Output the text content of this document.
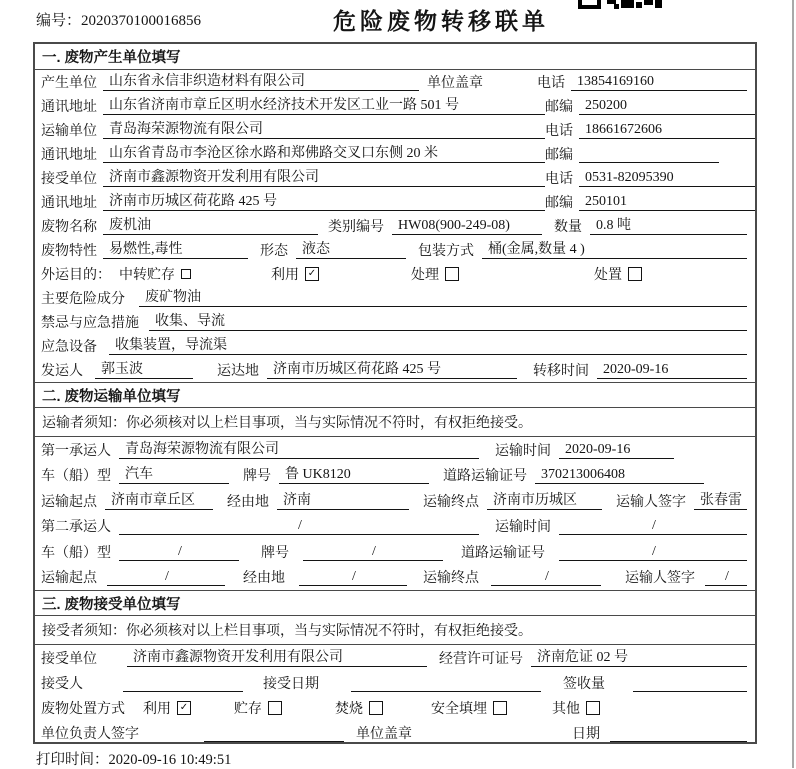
编号：2020370100016856	危险废物转移联单
一. 废物产生单位填写
产生单位 山东省永信非织造材料有限公司	单位盖章	电话 13854169160
通讯地址 山东省济南市章丘区明水经济技术开发区工业一路 501 号	邮编 250200
运输单位 青岛海荣源物流有限公司	电话 18661672606
通讯地址 山东省青岛市李沧区徐水路和郑佛路交叉口东侧 20 米	邮编
接受单位 济南市鑫源物资开发利用有限公司	电话 0531-82095390
通讯地址 济南市历城区荷花路 425 号	邮编 250101
废物名称 废机油	类别编号	HW08(900-249-08)	数量	0.8 吨
废物特性 易燃性,毒性	形态	液态	包装方式	桶(金属,数量 4 )
外运目的： 中转贮存	利用 ✓	处理	处置
主要危险成分	废矿物油
禁忌与应急措施	收集、导流
应急设备	收集装置，导流渠
发运人	郭玉波	运达地	济南市历城区荷花路 425 号	转移时间	2020-09-16
二. 废物运输单位填写
运输者须知：你必须核对以上栏目事项，当与实际情况不符时，有权拒绝接受。
第一承运人	青岛海荣源物流有限公司	运输时间	2020-09-16
车（船）型	汽车	牌号	鲁 UK8120	道路运输证号	370213006408
运输起点	济南市章丘区	经由地	济南	运输终点	济南市历城区	运输人签字	张春雷
第二承运人	/	运输时间	/
车（船）型	/	牌号	/	道路运输证号	/
运输起点	/	经由地	/	运输终点	/	运输人签字	/
三. 废物接受单位填写
接受者须知：你必须核对以上栏目事项，当与实际情况不符时，有权拒绝接受。
接受单位	济南市鑫源物资开发利用有限公司	经营许可证号	济南危证 02 号
接受人	接受日期	签收量
废物处置方式 利用 ✓	贮存	焚烧	安全填埋	其他
单位负责人签字	单位盖章	日期
打印时间：2020-09-16 10:49:51
